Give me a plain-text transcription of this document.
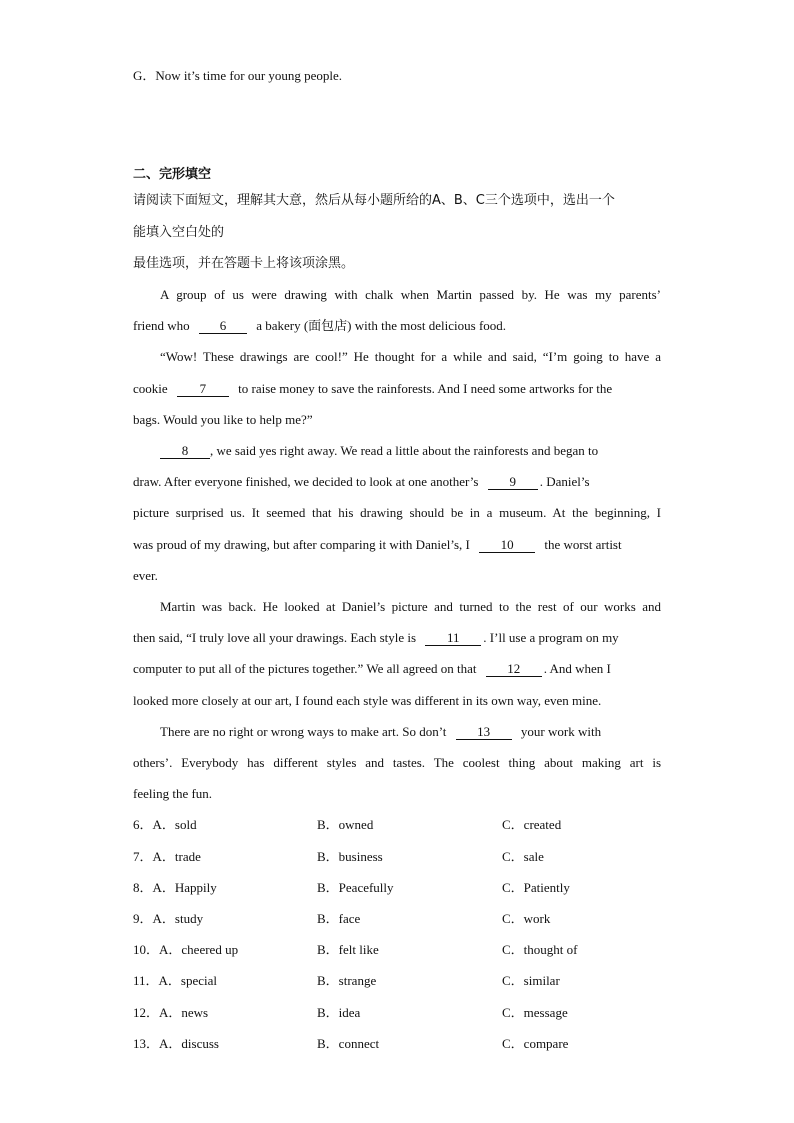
G．Now it’s time for our young people.
二、完形填空
请阅读下面短文，理解其大意，然后从每小题所给的A、B、C三个选项中，选出一个
能填入空白处的
最佳选项，并在答题卡上将该项涂黑。
A group of us were drawing with chalk when Martin passed by. He was my parents’
friend who 6 a bakery (面包店) with the most delicious food.
“Wow! These drawings are cool!” He thought for a while and said, “I’m going to have a
cookie 7 to raise money to save the rainforests. And I need some artworks for the
bags. Would you like to help me?”
8 , we said yes right away. We read a little about the rainforests and began to
draw. After everyone finished, we decided to look at one another’s 9 . Daniel’s
picture surprised us. It seemed that his drawing should be in a museum. At the beginning, I
was proud of my drawing, but after comparing it with Daniel’s, I 10 the worst artist
ever.
Martin was back. He looked at Daniel’s picture and turned to the rest of our works and
then said, “I truly love all your drawings. Each style is 11 . I’ll use a program on my
computer to put all of the pictures together.” We all agreed on that 12 . And when I
looked more closely at our art, I found each style was different in its own way, even mine.
There are no right or wrong ways to make art. So don’t 13 your work with
others’. Everybody has different styles and tastes. The coolest thing about making art is
feeling the fun.
6．A．sold	B．owned	C．created
7．A．trade	B．business	C．sale
8．A．Happily	B．Peacefully	C．Patiently
9．A．study	B．face	C．work
10．A．cheered up	B．felt like	C．thought of
11．A．special	B．strange	C．similar
12．A．news	B．idea	C．message
13．A．discuss	B．connect	C．compare
